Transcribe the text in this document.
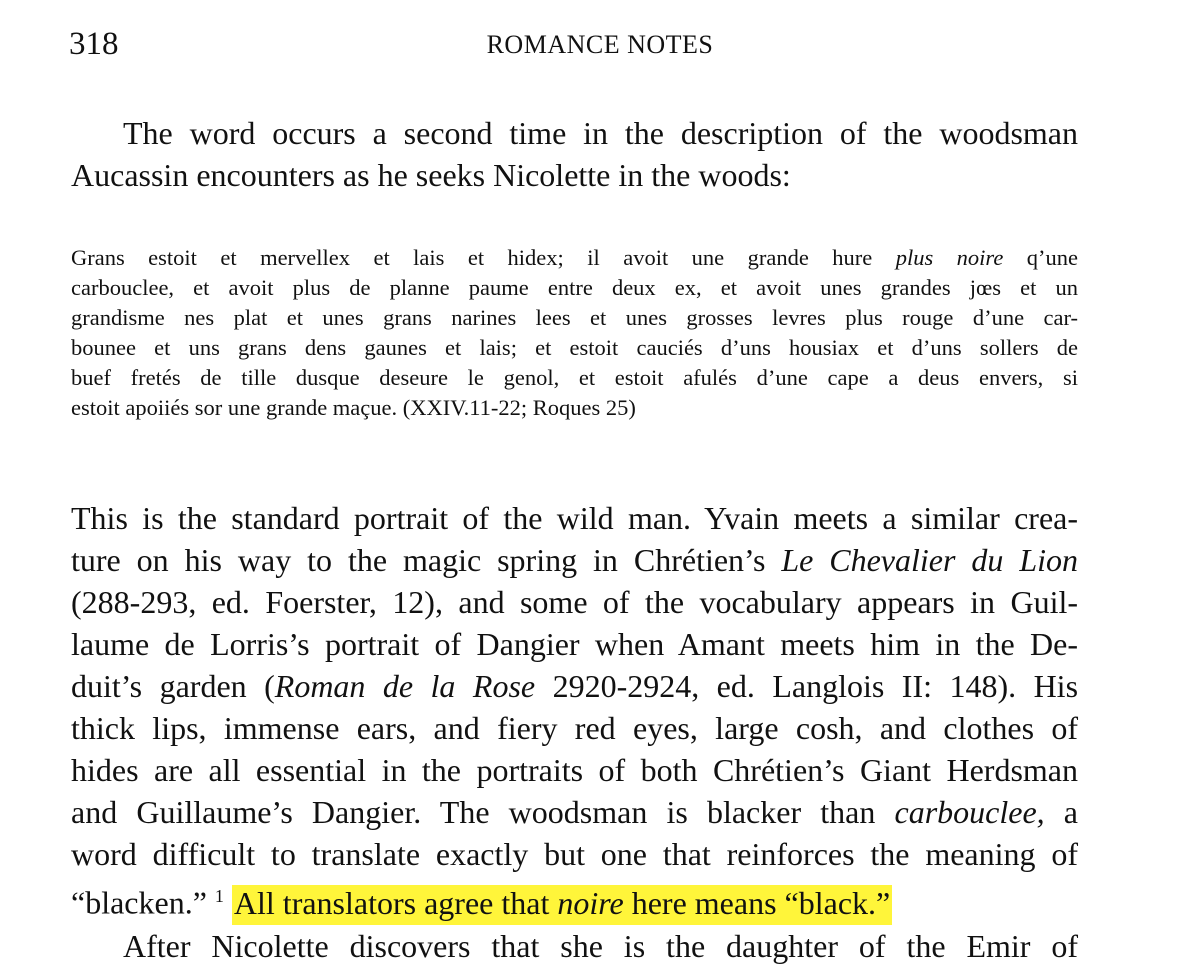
318	ROMANCE NOTES
The word occurs a second time in the description of the woodsman
Aucassin encounters as he seeks Nicolette in the woods:
Grans estoit et mervellex et lais et hidex; il avoit une grande hure plus noire q’une
carbouclee, et avoit plus de planne paume entre deux ex, et avoit unes grandes jœs et un
grandisme nes plat et unes grans narines lees et unes grosses levres plus rouge d’une car-
bounee et uns grans dens gaunes et lais; et estoit cauciés d’uns housiax et d’uns sollers de
buef fretés de tille dusque deseure le genol, et estoit afulés d’une cape a deus envers, si
estoit apoiiés sor une grande maçue. (XXIV.11-22; Roques 25)
This is the standard portrait of the wild man. Yvain meets a similar crea-
ture on his way to the magic spring in Chrétien’s Le Chevalier du Lion
(288-293, ed. Foerster, 12), and some of the vocabulary appears in Guil-
laume de Lorris’s portrait of Dangier when Amant meets him in the De-
duit’s garden (Roman de la Rose 2920-2924, ed. Langlois II: 148). His
thick lips, immense ears, and fiery red eyes, large cosh, and clothes of
hides are all essential in the portraits of both Chrétien’s Giant Herdsman
and Guillaume’s Dangier. The woodsman is blacker than carbouclee, a
word difficult to translate exactly but one that reinforces the meaning of
“blacken.” $^1$ All translators agree that noire here means “black.”
After Nicolette discovers that she is the daughter of the Emir of
